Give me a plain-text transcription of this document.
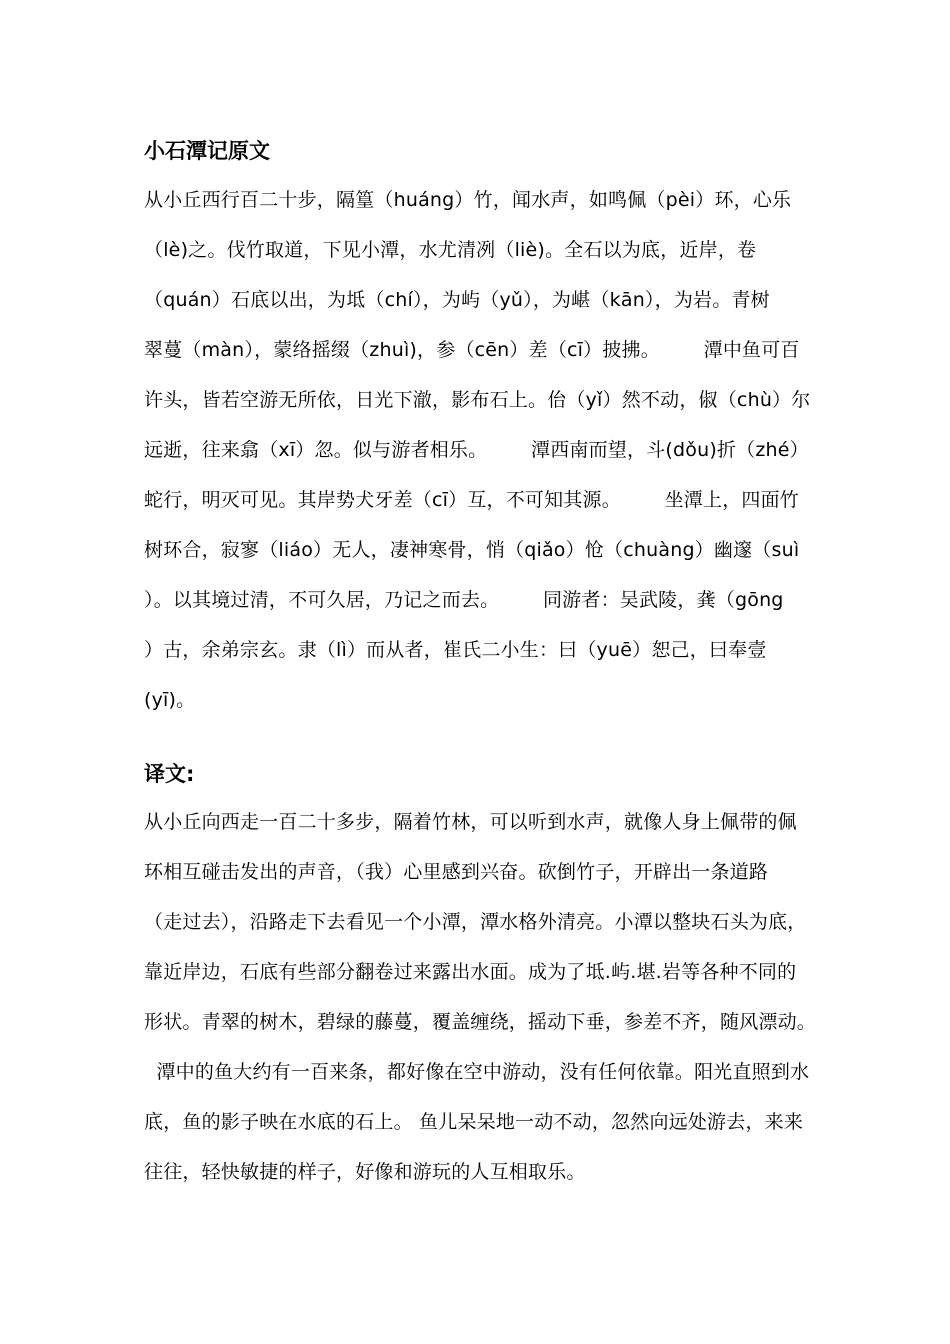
小石潭记原文
从小丘西行百二十步，隔篁（huáng）竹，闻水声，如鸣佩（pèi）环，心乐
（lè)之。伐竹取道，下见小潭，水尤清冽（liè)。全石以为底，近岸，卷
（quán）石底以出，为坻（chí），为屿（yǔ），为嵁（kān），为岩。青树
翠蔓（màn），蒙络摇缀（zhuì)，参（cēn）差（cī）披拂。       潭中鱼可百
许头，皆若空游无所依，日光下澈，影布石上。佁（yǐ）然不动，俶（chù）尔
远逝，往来翕（xī）忽。似与游者相乐。       潭西南而望，斗(dǒu)折（zhé）
蛇行，明灭可见。其岸势犬牙差（cī）互，不可知其源。       坐潭上，四面竹
树环合，寂寥（liáo）无人，凄神寒骨，悄（qiǎo）怆（chuàng）幽邃（suì
）。以其境过清，不可久居，乃记之而去。       同游者：吴武陵，龚（gōng
）古，余弟宗玄。隶（lì）而从者，崔氏二小生：曰（yuē）恕己，曰奉壹
(yī)。
译文:
从小丘向西走一百二十多步，隔着竹林，可以听到水声，就像人身上佩带的佩
环相互碰击发出的声音，（我）心里感到兴奋。砍倒竹子，开辟出一条道路
（走过去），沿路走下去看见一个小潭，潭水格外清亮。小潭以整块石头为底，
靠近岸边，石底有些部分翻卷过来露出水面。成为了坻.屿.堪.岩等各种不同的
形状。青翠的树木，碧绿的藤蔓，覆盖缠绕，摇动下垂，参差不齐，随风漂动。
潭中的鱼大约有一百来条，都好像在空中游动，没有任何依靠。阳光直照到水
底，鱼的影子映在水底的石上。 鱼儿呆呆地一动不动，忽然向远处游去，来来
往往，轻快敏捷的样子，好像和游玩的人互相取乐。
